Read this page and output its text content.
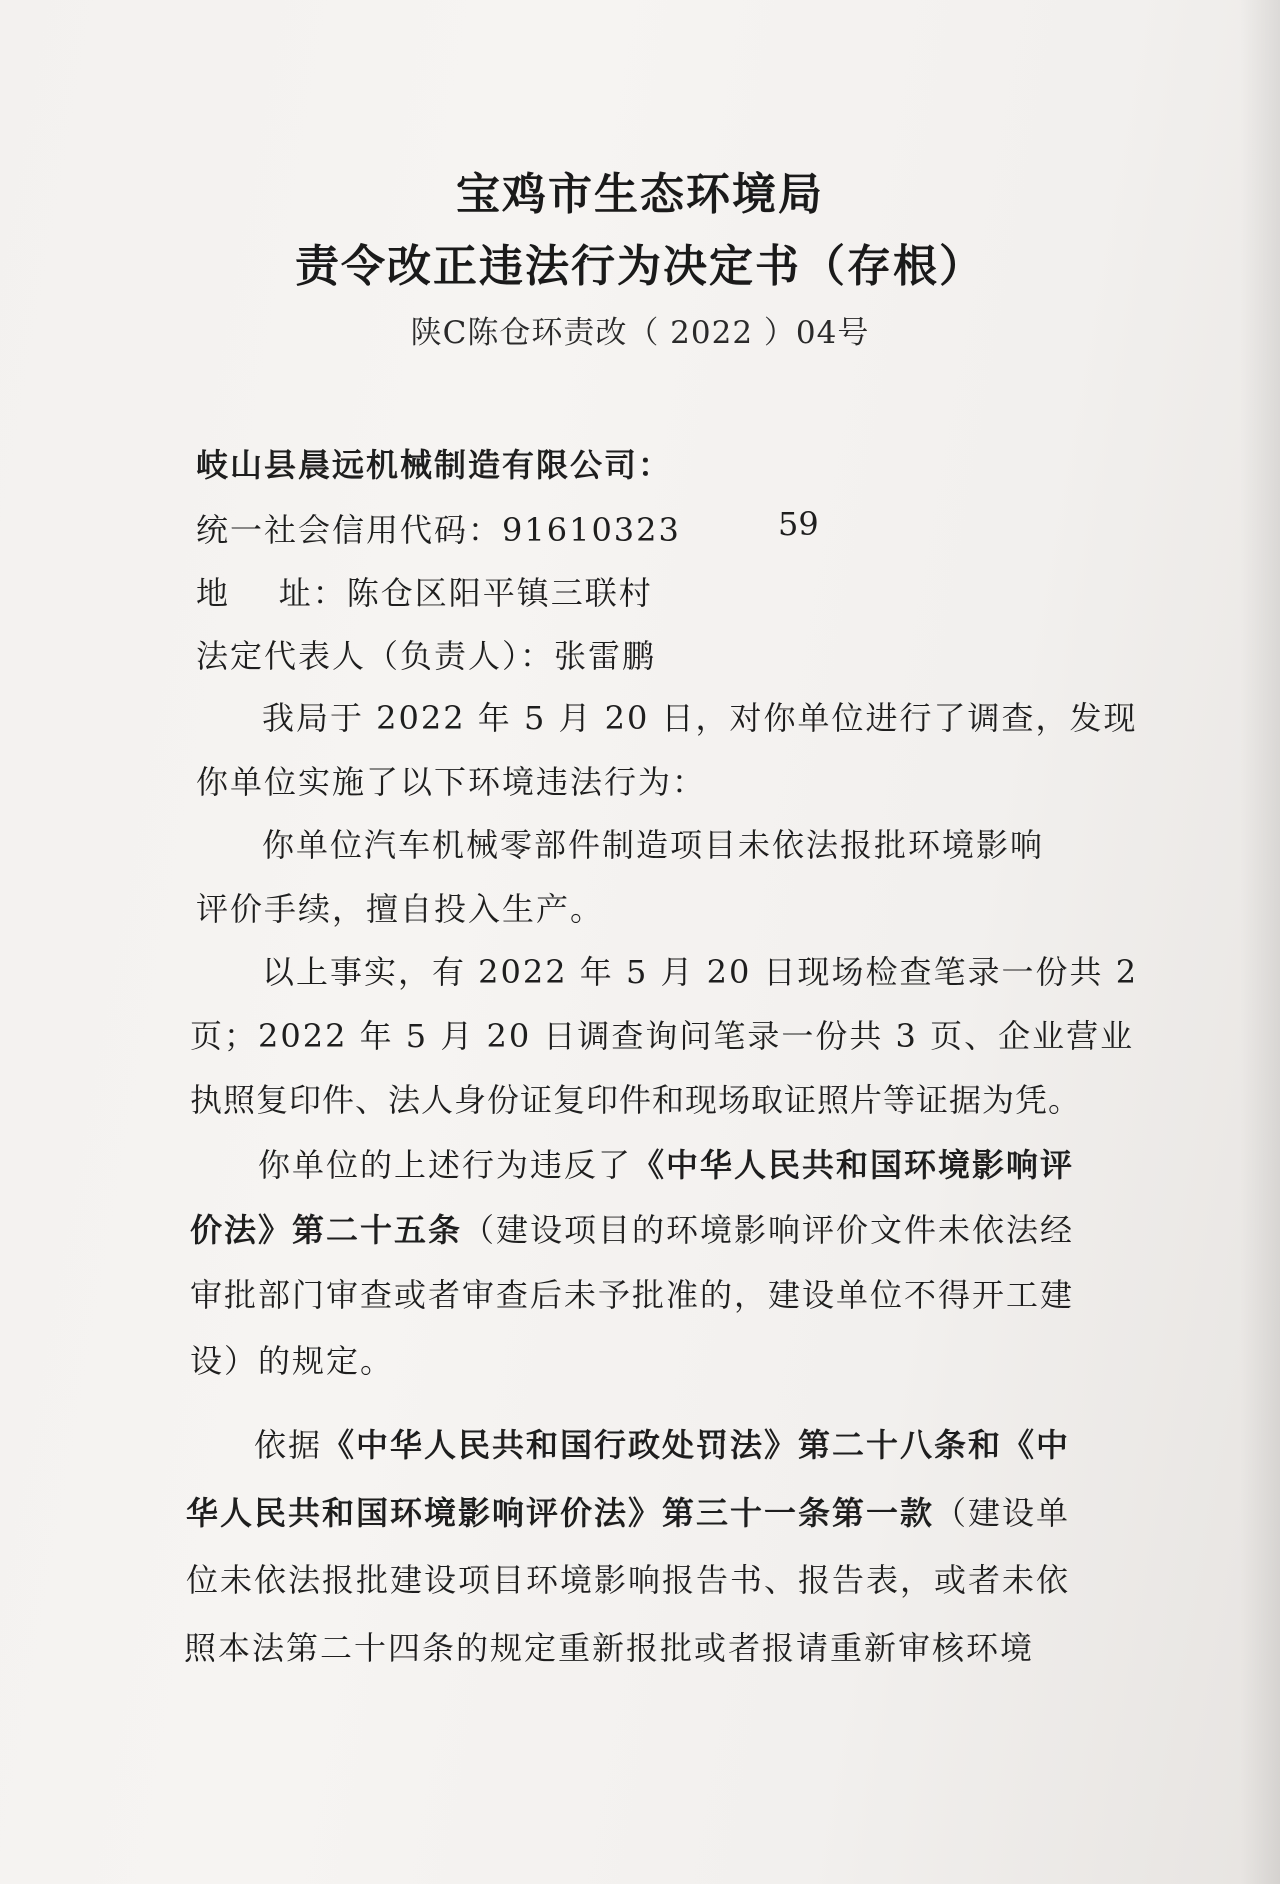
宝鸡市生态环境局
责令改正违法行为决定书（存根）
陕C陈仓环责改（ 2022 ）04号
岐山县晨远机械制造有限公司：
统一社会信用代码：91610323	59
地    址：陈仓区阳平镇三联村
法定代表人（负责人）：张雷鹏
我局于 2022 年 5 月 20 日，对你单位进行了调查，发现
你单位实施了以下环境违法行为：
你单位汽车机械零部件制造项目未依法报批环境影响
评价手续，擅自投入生产。
以上事实，有 2022 年 5 月 20 日现场检查笔录一份共 2
页；2022 年 5 月 20 日调查询问笔录一份共 3 页、企业营业
执照复印件、法人身份证复印件和现场取证照片等证据为凭。
你单位的上述行为违反了《中华人民共和国环境影响评
价法》第二十五条（建设项目的环境影响评价文件未依法经
审批部门审查或者审查后未予批准的，建设单位不得开工建
设）的规定。
依据《中华人民共和国行政处罚法》第二十八条和《中
华人民共和国环境影响评价法》第三十一条第一款（建设单
位未依法报批建设项目环境影响报告书、报告表，或者未依
照本法第二十四条的规定重新报批或者报请重新审核环境
